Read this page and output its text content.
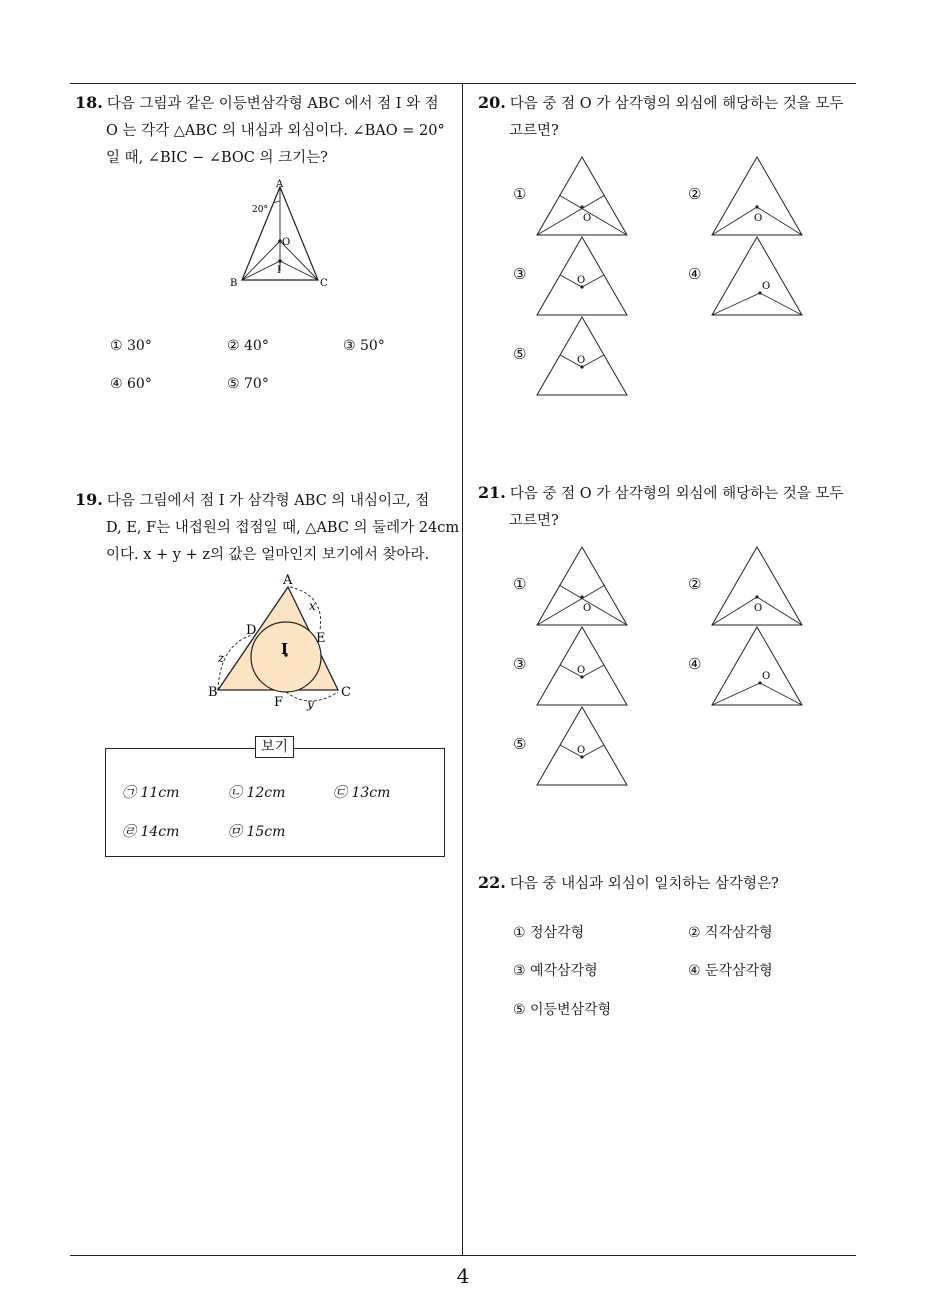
4
18. 다음 그림과 같은 이등변삼각형 ABC 에서 점 I 와 점
O 는 각각 △ABC 의 내심과 외심이다. ∠BAO = 20°
일 때, ∠BIC − ∠BOC 의 크기는?
A
B	C
O
I
20°
① 30°	② 40°	③ 50°
④ 60°	⑤ 70°
19. 다음 그림에서 점 I 가 삼각형 ABC 의 내심이고, 점
D, E, F는 내접원의 접점일 때, △ABC 의 둘레가 24cm
이다. x + y + z의 값은 얼마인지 보기에서 찾아라.
A
B	C
D
E
F
I
x
y
z
보기
㉠ 11cm	㉡ 12cm	㉢ 13cm
㉣ 14cm	㉤ 15cm
20. 다음 중 점 O 가 삼각형의 외심에 해당하는 것을 모두
고르면?
①
O
②
O
③	O	④
O
⑤	O
21. 다음 중 점 O 가 삼각형의 외심에 해당하는 것을 모두
고르면?
①
O
②
O
③	O	④
O
⑤	O
22. 다음 중 내심과 외심이 일치하는 삼각형은?
① 정삼각형	② 직각삼각형
③ 예각삼각형	④ 둔각삼각형
⑤ 이등변삼각형
